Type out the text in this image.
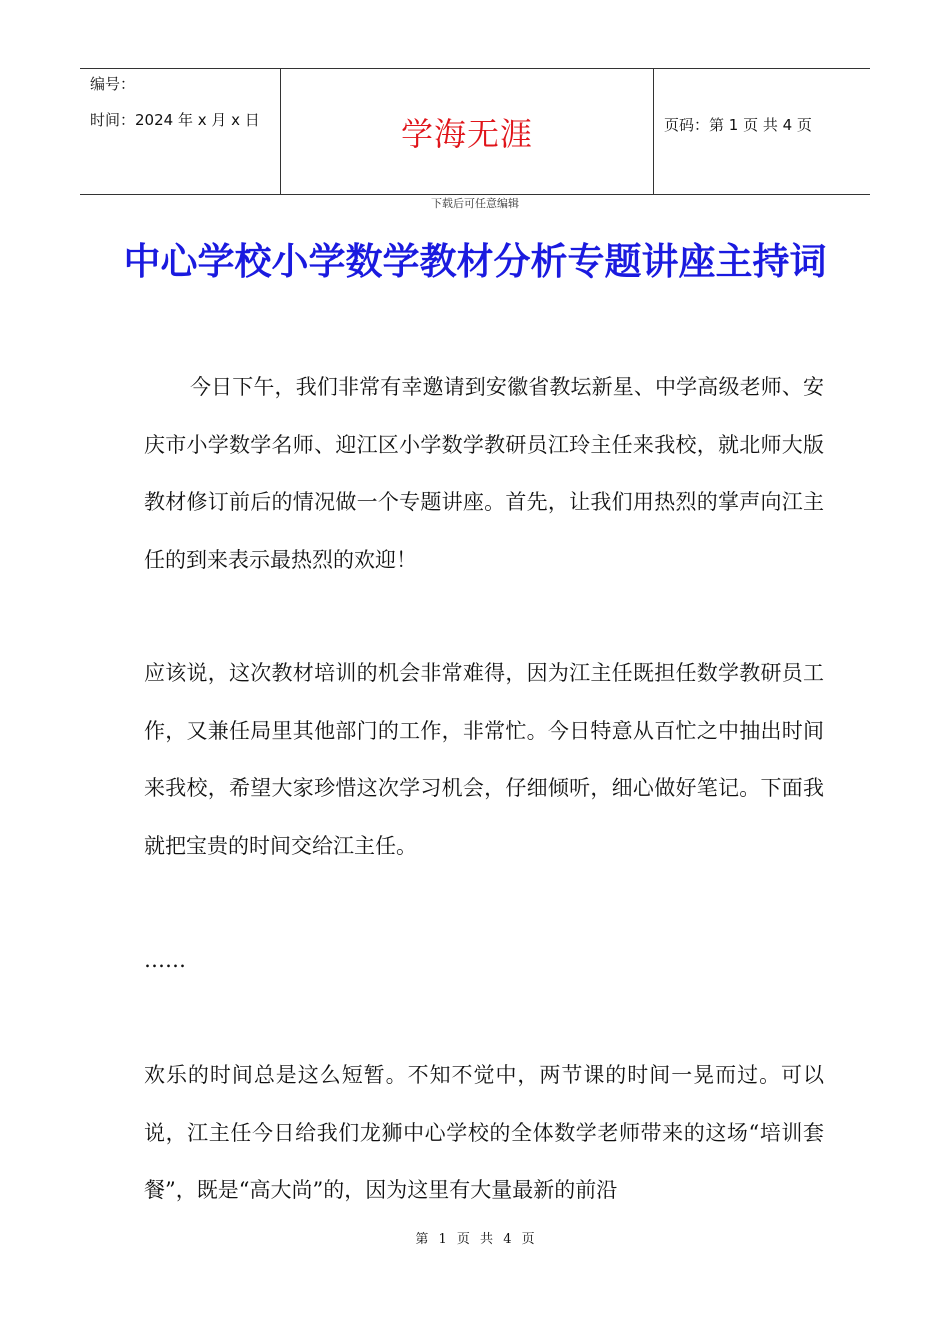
编号：
时间：2024 年 x 月 x 日	学海无涯	页码：第 1 页 共 4 页
下载后可任意编辑
中心学校小学数学教材分析专题讲座主持词

今日下午，我们非常有幸邀请到安徽省教坛新星、中学高级老师、安庆市小学数学名师、迎江区小学数学教研员江玲主任来我校，就北师大版教材修订前后的情况做一个专题讲座。首先，让我们用热烈的掌声向江主任的到来表示最热烈的欢迎！

应该说，这次教材培训的机会非常难得，因为江主任既担任数学教研员工作，又兼任局里其他部门的工作，非常忙。今日特意从百忙之中抽出时间来我校，希望大家珍惜这次学习机会，仔细倾听，细心做好笔记。下面我就把宝贵的时间交给江主任。

……

欢乐的时间总是这么短暂。不知不觉中，两节课的时间一晃而过。可以说，江主任今日给我们龙狮中心学校的全体数学老师带来的这场“培训套餐”，既是“高大尚”的，因为这里有大量最新的前沿

第 1 页 共 4 页
